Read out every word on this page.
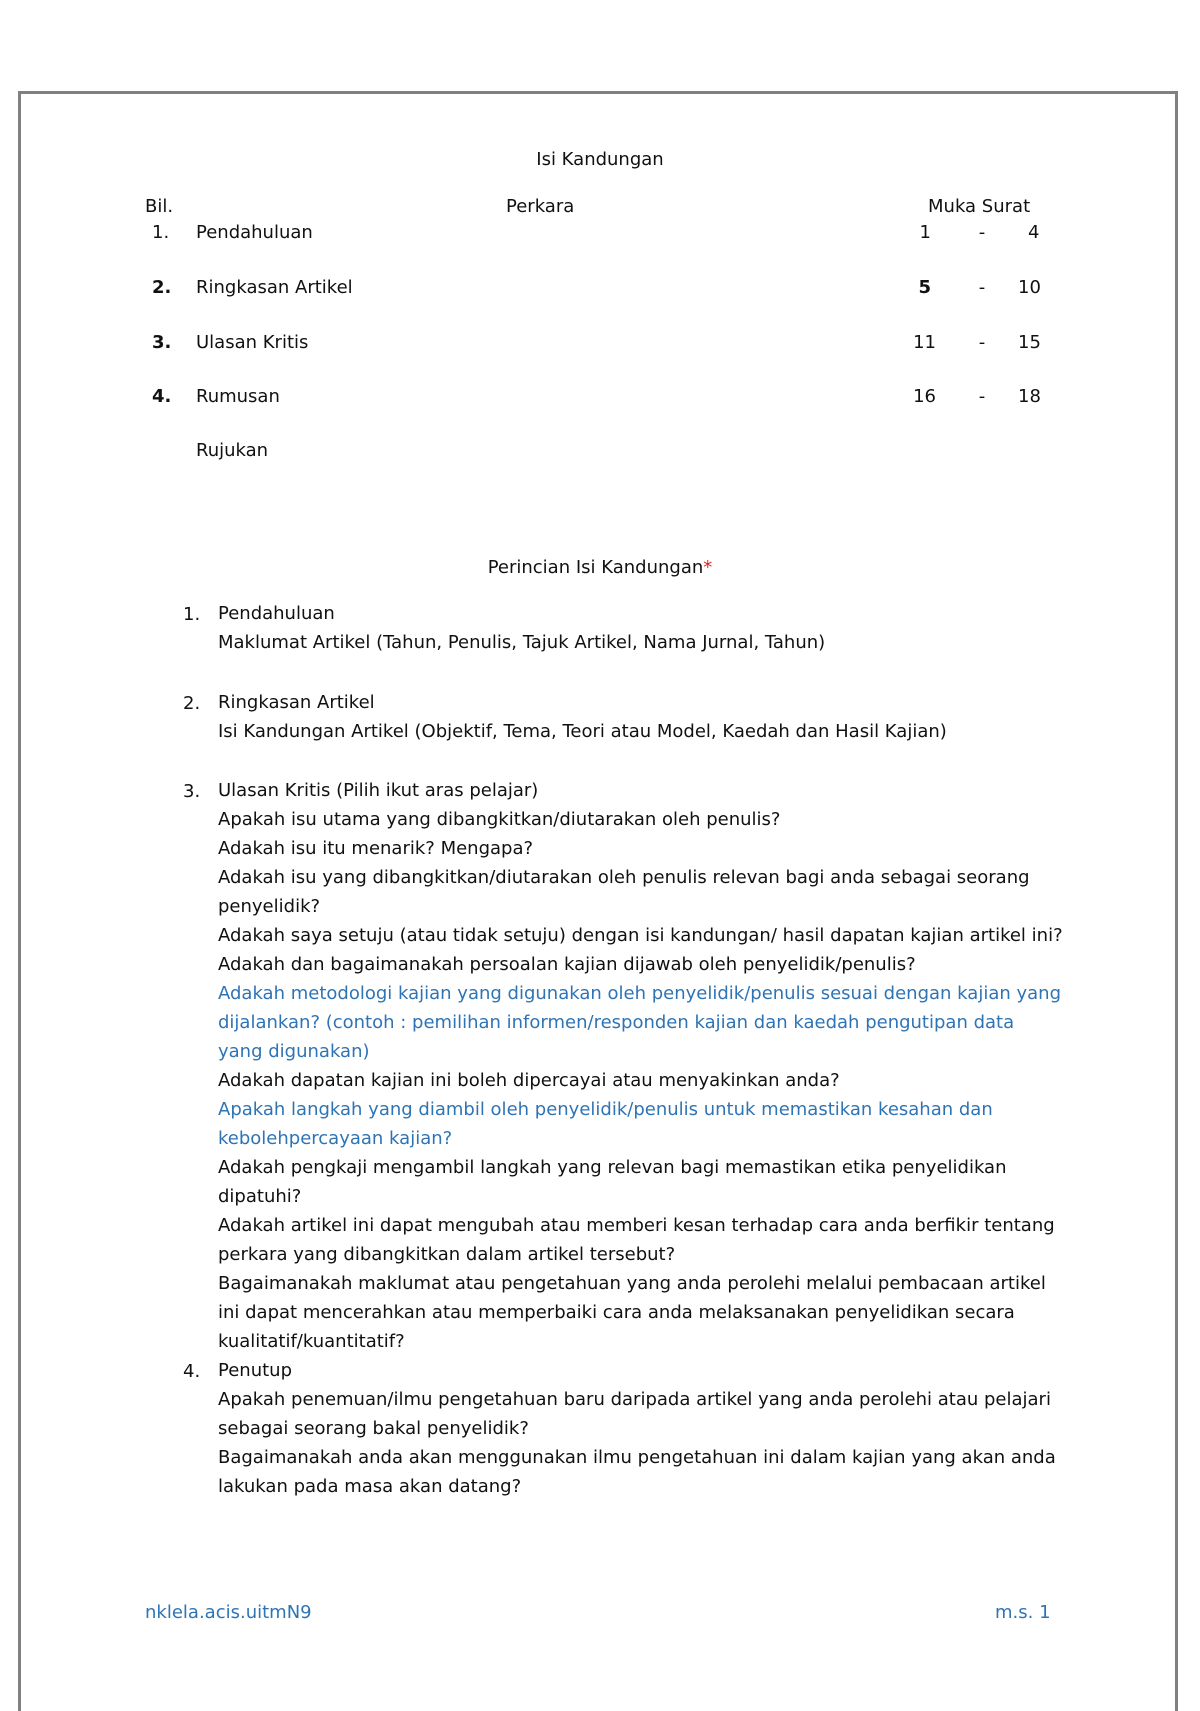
Isi Kandungan
Bil.	Perkara	Muka Surat
1. Pendahuluan	1	-	4
2. Ringkasan Artikel	5	-	10
3. Ulasan Kritis	11	-	15
4. Rumusan	16	-	18
Rujukan
Perincian Isi Kandungan*
1. Pendahuluan
Maklumat Artikel (Tahun, Penulis, Tajuk Artikel, Nama Jurnal, Tahun)
2. Ringkasan Artikel
Isi Kandungan Artikel (Objektif, Tema, Teori atau Model, Kaedah dan Hasil Kajian)
3. Ulasan Kritis (Pilih ikut aras pelajar)
Apakah isu utama yang dibangkitkan/diutarakan oleh penulis?
Adakah isu itu menarik? Mengapa?
Adakah isu yang dibangkitkan/diutarakan oleh penulis relevan bagi anda sebagai seorang
penyelidik?
Adakah saya setuju (atau tidak setuju) dengan isi kandungan/ hasil dapatan kajian artikel ini?
Adakah dan bagaimanakah persoalan kajian dijawab oleh penyelidik/penulis?
Adakah metodologi kajian yang digunakan oleh penyelidik/penulis sesuai dengan kajian yang
dijalankan? (contoh : pemilihan informen/responden kajian dan kaedah pengutipan data
yang digunakan)
Adakah dapatan kajian ini boleh dipercayai atau menyakinkan anda?
Apakah langkah yang diambil oleh penyelidik/penulis untuk memastikan kesahan dan
kebolehpercayaan kajian?
Adakah pengkaji mengambil langkah yang relevan bagi memastikan etika penyelidikan
dipatuhi?
Adakah artikel ini dapat mengubah atau memberi kesan terhadap cara anda berfikir tentang
perkara yang dibangkitkan dalam artikel tersebut?
Bagaimanakah maklumat atau pengetahuan yang anda perolehi melalui pembacaan artikel
ini dapat mencerahkan atau memperbaiki cara anda melaksanakan penyelidikan secara
kualitatif/kuantitatif?
4. Penutup
Apakah penemuan/ilmu pengetahuan baru daripada artikel yang anda perolehi atau pelajari
sebagai seorang bakal penyelidik?
Bagaimanakah anda akan menggunakan ilmu pengetahuan ini dalam kajian yang akan anda
lakukan pada masa akan datang?
nklela.acis.uitmN9	m.s. 1
